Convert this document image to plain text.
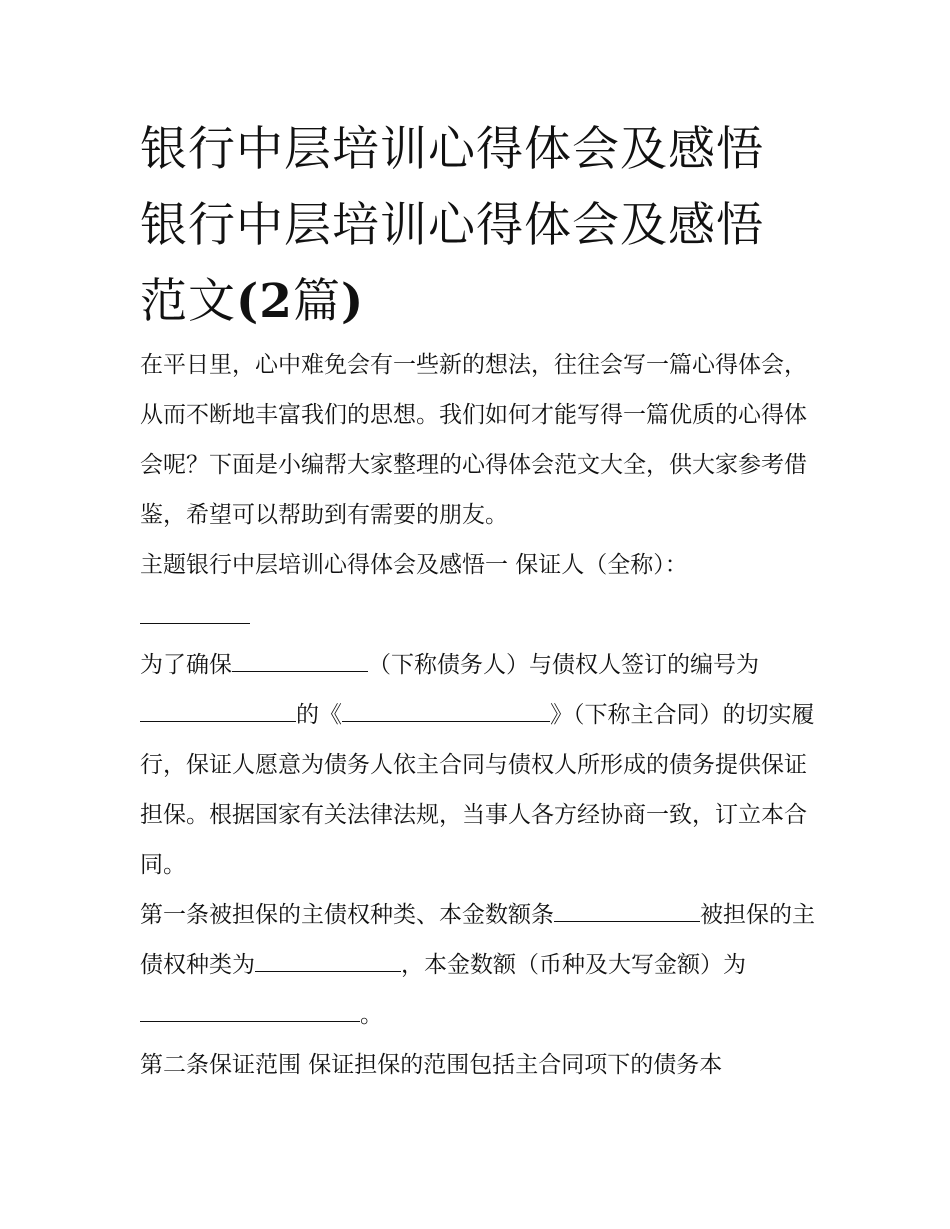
银行中层培训心得体会及感悟
银行中层培训心得体会及感悟
范文(2篇)

在平日里，心中难免会有一些新的想法，往往会写一篇心得体会，从而不断地丰富我们的思想。我们如何才能写得一篇优质的心得体会呢？下面是小编帮大家整理的心得体会范文大全，供大家参考借鉴，希望可以帮助到有需要的朋友。

主题银行中层培训心得体会及感悟一 保证人（全称）：

为了确保	（下称债务人）与债权人签订的编号为的《	》（下称主合同）的切实履行，保证人愿意为债务人依主合同与债权人所形成的债务提供保证担保。根据国家有关法律法规，当事人各方经协商一致，订立本合同。

第一条被担保的主债权种类、本金数额条	被担保的主债权种类为	，本金数额（币种及大写金额）为。

第二条保证范围 保证担保的范围包括主合同项下的债务本
